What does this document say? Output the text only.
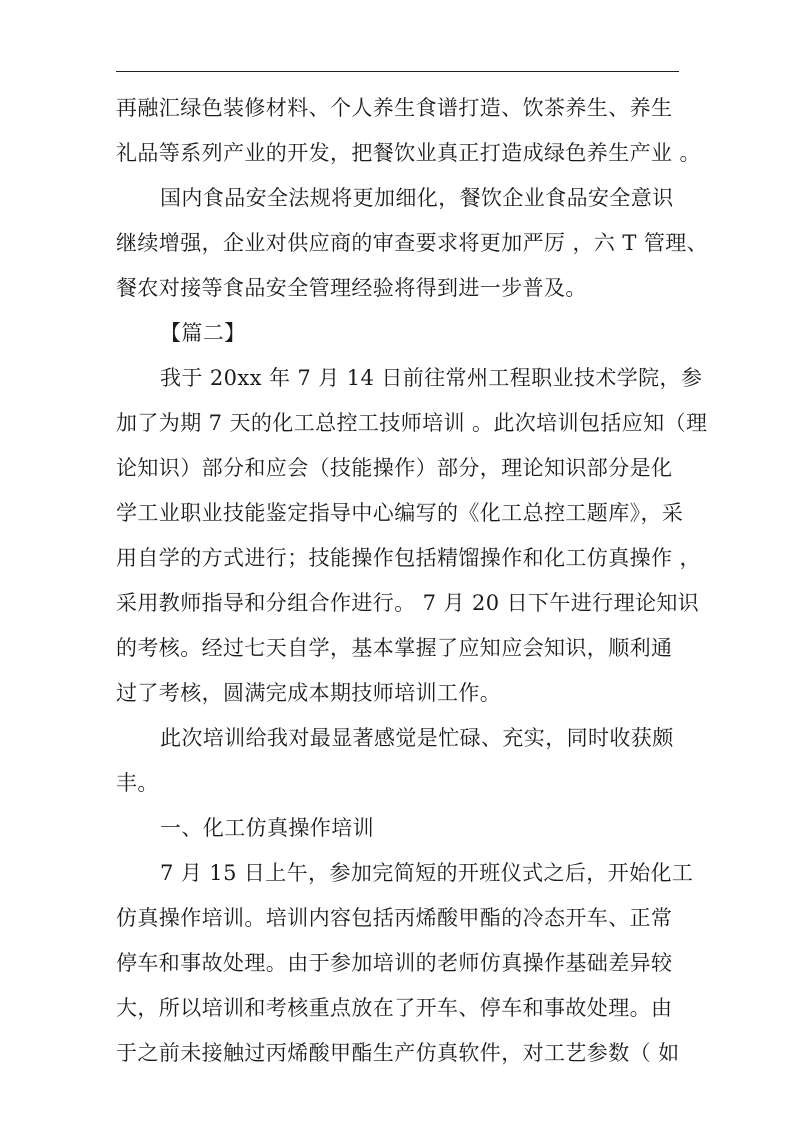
再融汇绿色装修材料、个人养生食谱打造、饮茶养生、养生
礼品等系列产业的开发，把餐饮业真正打造成绿色养生产业 。
国内食品安全法规将更加细化，餐饮企业食品安全意识
继续增强，企业对供应商的审查要求将更加严厉 ，六 T 管理、
餐农对接等食品安全管理经验将得到进一步普及。
【篇二】
我于 20xx 年 7 月 14 日前往常州工程职业技术学院，参
加了为期 7 天的化工总控工技师培训 。此次培训包括应知（理
论知识）部分和应会（技能操作）部分，理论知识部分是化
学工业职业技能鉴定指导中心编写的《化工总控工题库》，采
用自学的方式进行；技能操作包括精馏操作和化工仿真操作 ，
采用教师指导和分组合作进行。 7 月 20 日下午进行理论知识
的考核。经过七天自学，基本掌握了应知应会知识，顺利通
过了考核，圆满完成本期技师培训工作。
此次培训给我对最显著感觉是忙碌、充实，同时收获颇
丰。
一、化工仿真操作培训
7 月 15 日上午，参加完简短的开班仪式之后，开始化工
仿真操作培训。培训内容包括丙烯酸甲酯的冷态开车、正常
停车和事故处理。由于参加培训的老师仿真操作基础差异较
大，所以培训和考核重点放在了开车、停车和事故处理。由
于之前未接触过丙烯酸甲酯生产仿真软件，对工艺参数（ 如
